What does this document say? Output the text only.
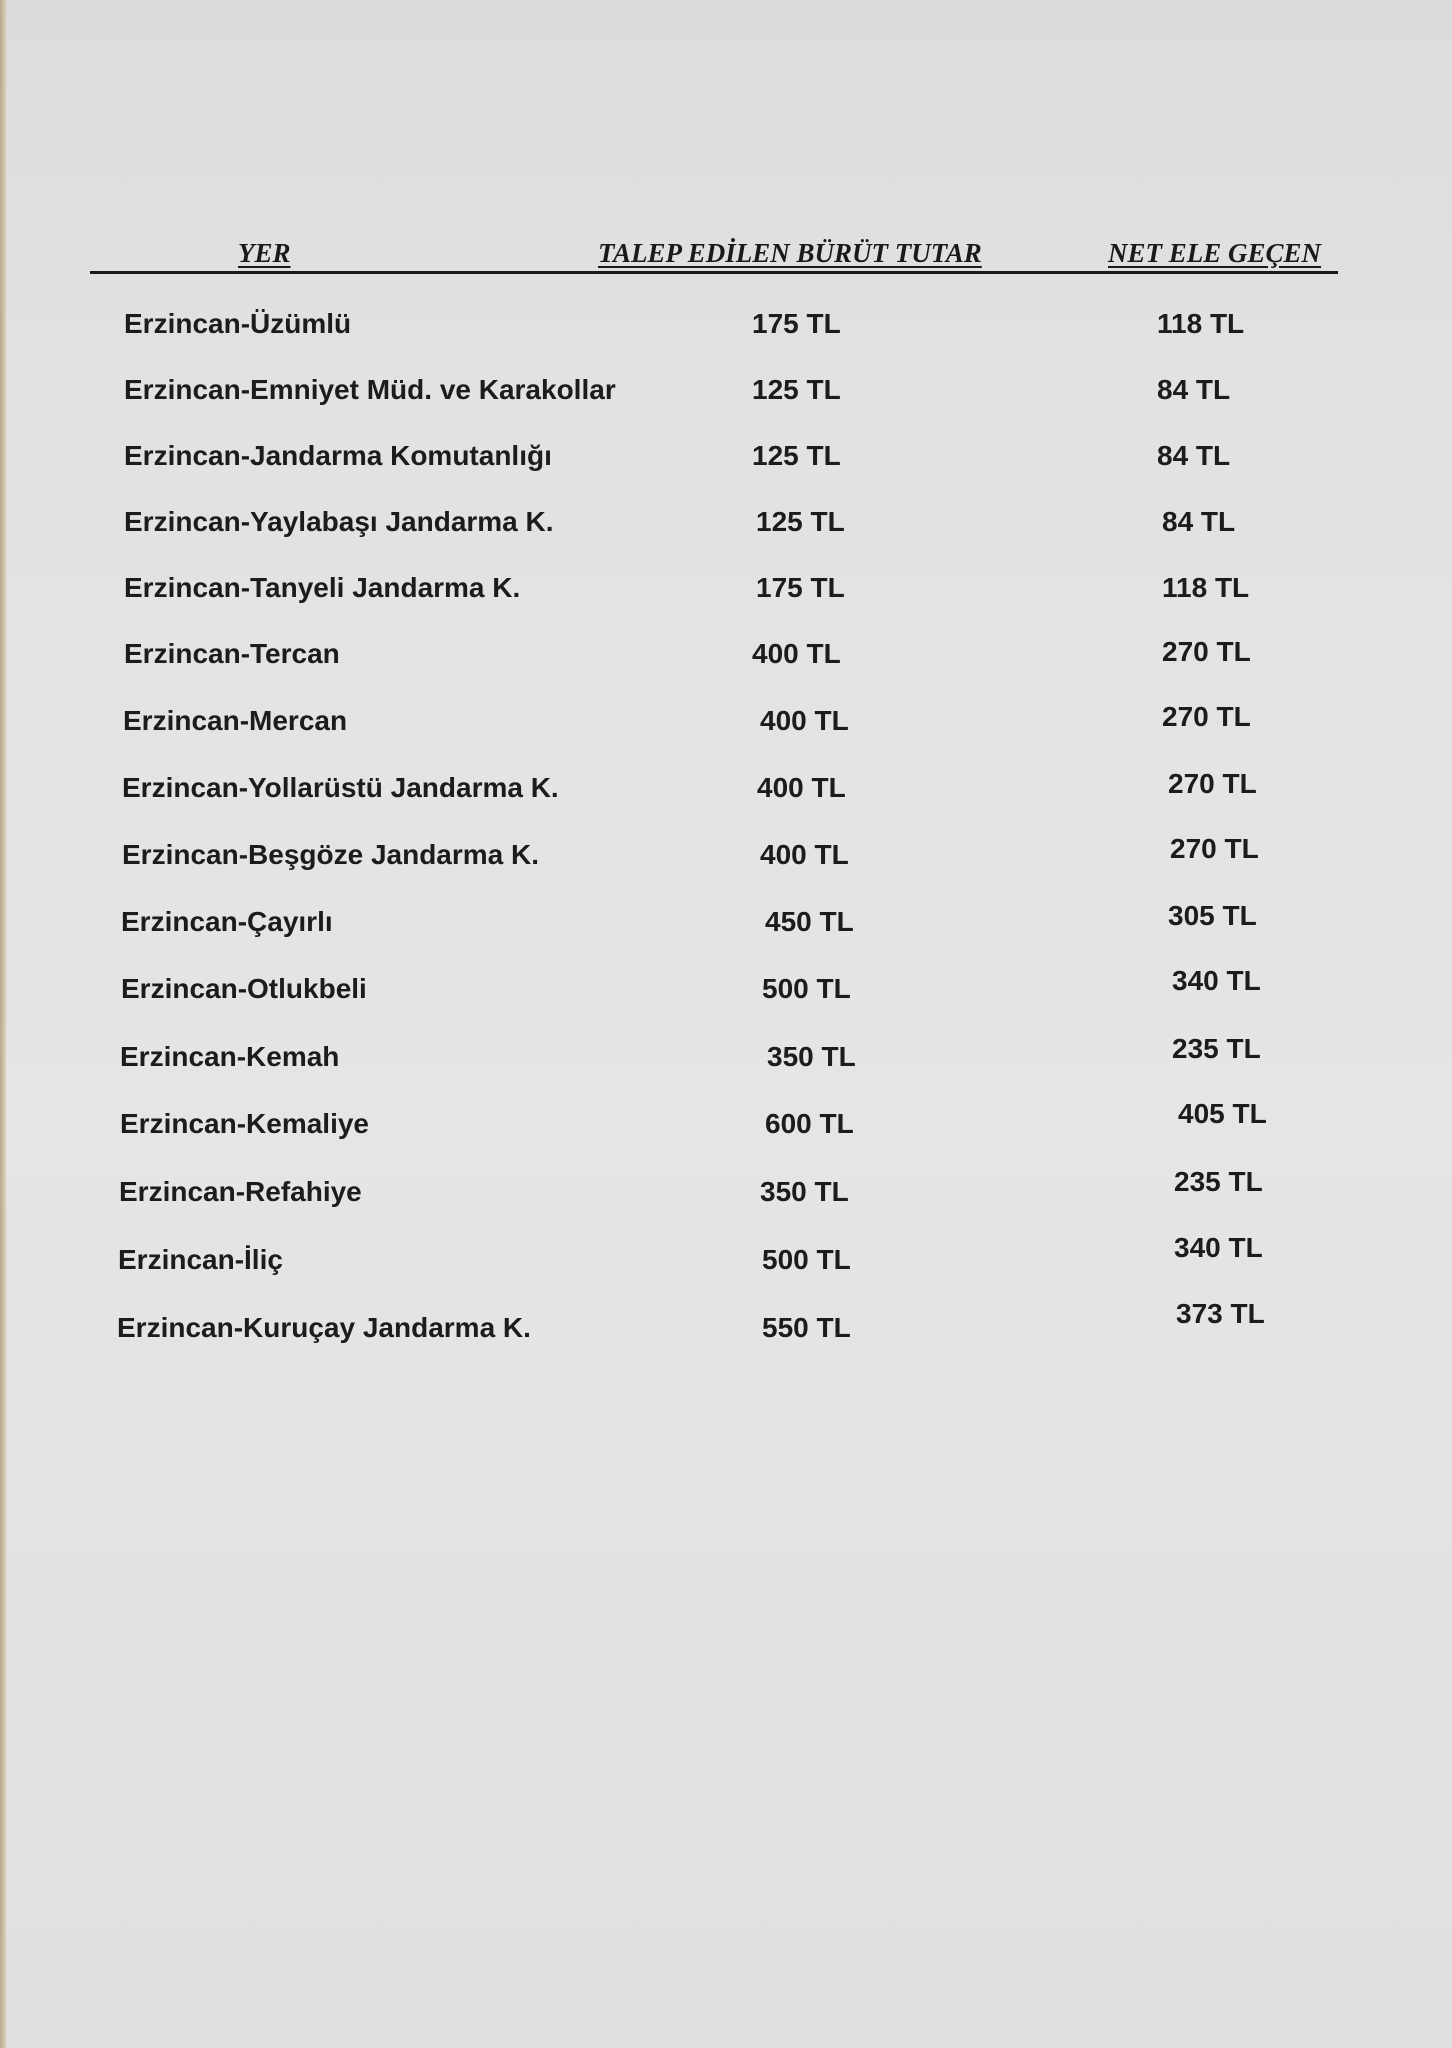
YER	TALEP EDİLEN BÜRÜT TUTAR	NET ELE GEÇEN
Erzincan-Üzümlü	175 TL	118 TL
Erzincan-Emniyet Müd. ve Karakollar	125 TL	84 TL
Erzincan-Jandarma Komutanlığı	125 TL	84 TL
Erzincan-Yaylabaşı Jandarma K.	125 TL	84 TL
Erzincan-Tanyeli Jandarma K.	175 TL	118 TL
Erzincan-Tercan	400 TL	270 TL
Erzincan-Mercan	400 TL	270 TL
Erzincan-Yollarüstü Jandarma K.	400 TL	270 TL
Erzincan-Beşgöze Jandarma K.	400 TL	270 TL
Erzincan-Çayırlı	450 TL	305 TL
Erzincan-Otlukbeli	500 TL	340 TL
Erzincan-Kemah	350 TL	235 TL
Erzincan-Kemaliye	600 TL	405 TL
Erzincan-Refahiye	350 TL	235 TL
Erzincan-İliç	500 TL	340 TL
Erzincan-Kuruçay Jandarma K.	550 TL	373 TL
